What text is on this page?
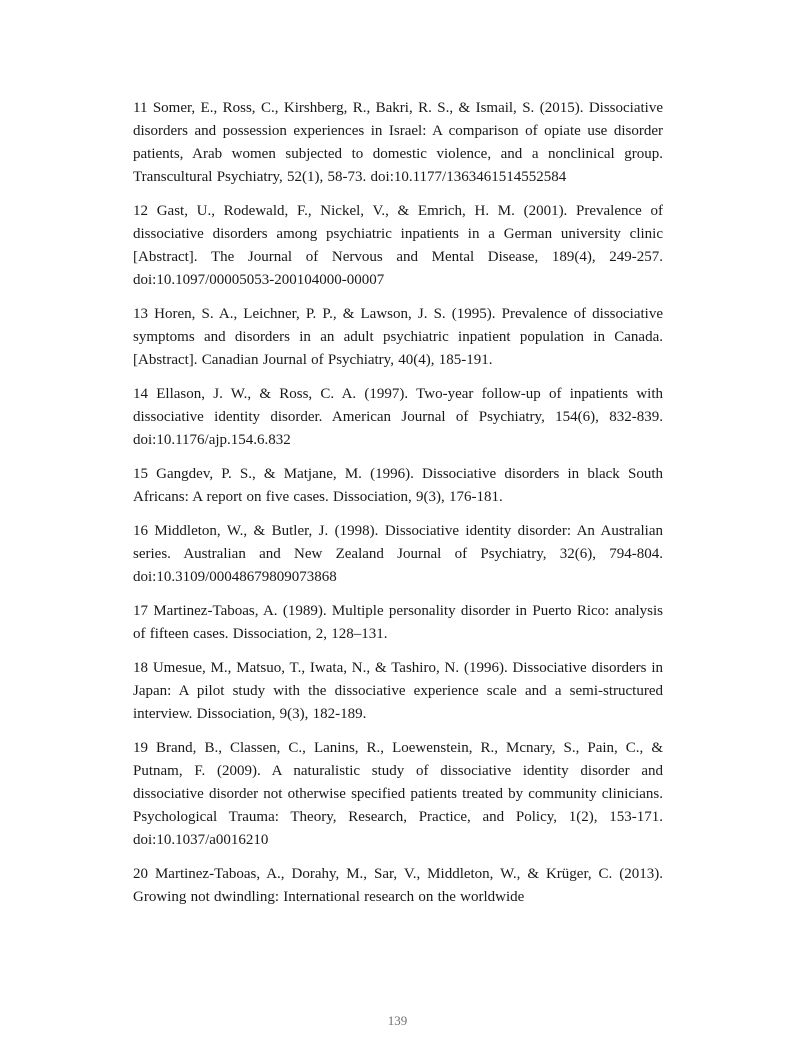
11 Somer, E., Ross, C., Kirshberg, R., Bakri, R. S., & Ismail, S. (2015). Dissociative disorders and possession experiences in Israel: A comparison of opiate use disorder patients, Arab women subjected to domestic violence, and a nonclinical group. Transcultural Psychiatry, 52(1), 58-73. doi:10.1177/1363461514552584

12 Gast, U., Rodewald, F., Nickel, V., & Emrich, H. M. (2001). Prevalence of dissociative disorders among psychiatric inpatients in a German university clinic [Abstract]. The Journal of Nervous and Mental Disease, 189(4), 249-257. doi:10.1097/00005053-200104000-00007

13 Horen, S. A., Leichner, P. P., & Lawson, J. S. (1995). Prevalence of dissociative symptoms and disorders in an adult psychiatric inpatient population in Canada. [Abstract]. Canadian Journal of Psychiatry, 40(4), 185-191.

14 Ellason, J. W., & Ross, C. A. (1997). Two-year follow-up of inpatients with dissociative identity disorder. American Journal of Psychiatry, 154(6), 832-839. doi:10.1176/ajp.154.6.832

15 Gangdev, P. S., & Matjane, M. (1996). Dissociative disorders in black South Africans: A report on five cases. Dissociation, 9(3), 176-181.

16 Middleton, W., & Butler, J. (1998). Dissociative identity disorder: An Australian series. Australian and New Zealand Journal of Psychiatry, 32(6), 794-804. doi:10.3109/00048679809073868

17 Martinez-Taboas, A. (1989). Multiple personality disorder in Puerto Rico: analysis of fifteen cases. Dissociation, 2, 128–131.

18 Umesue, M., Matsuo, T., Iwata, N., & Tashiro, N. (1996). Dissociative disorders in Japan: A pilot study with the dissociative experience scale and a semi-structured interview. Dissociation, 9(3), 182-189.

19 Brand, B., Classen, C., Lanins, R., Loewenstein, R., Mcnary, S., Pain, C., & Putnam, F. (2009). A naturalistic study of dissociative identity disorder and dissociative disorder not otherwise specified patients treated by community clinicians. Psychological Trauma: Theory, Research, Practice, and Policy, 1(2), 153-171. doi:10.1037/a0016210

20 Martinez-Taboas, A., Dorahy, M., Sar, V., Middleton, W., & Krüger, C. (2013). Growing not dwindling: International research on the worldwide

139
